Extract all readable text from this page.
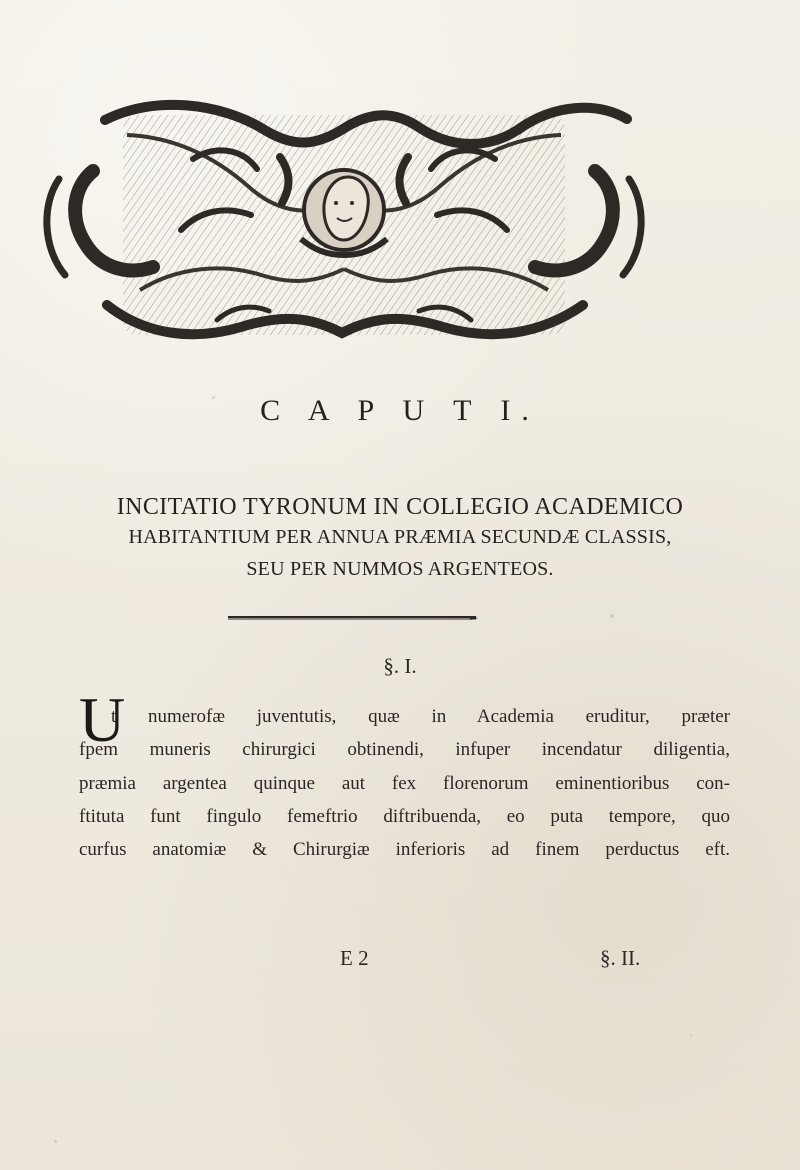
C A P U T I.
INCITATIO TYRONUM IN COLLEGIO ACADEMICO
HABITANTIUM PER ANNUA PRÆMIA SECUNDÆ CLASSIS,
SEU PER NUMMOS ARGENTEOS.
§. I.
U
t numerofæ juventutis, quæ in Academia eruditur, præter
fpem muneris chirurgici obtinendi, infuper incendatur diligentia,
præmia argentea quinque aut fex florenorum eminentioribus con-
ftituta funt fingulo femeftrio diftribuenda, eo puta tempore, quo
curfus anatomiæ & Chirurgiæ inferioris ad finem perductus eft.
E 2	§. II.
